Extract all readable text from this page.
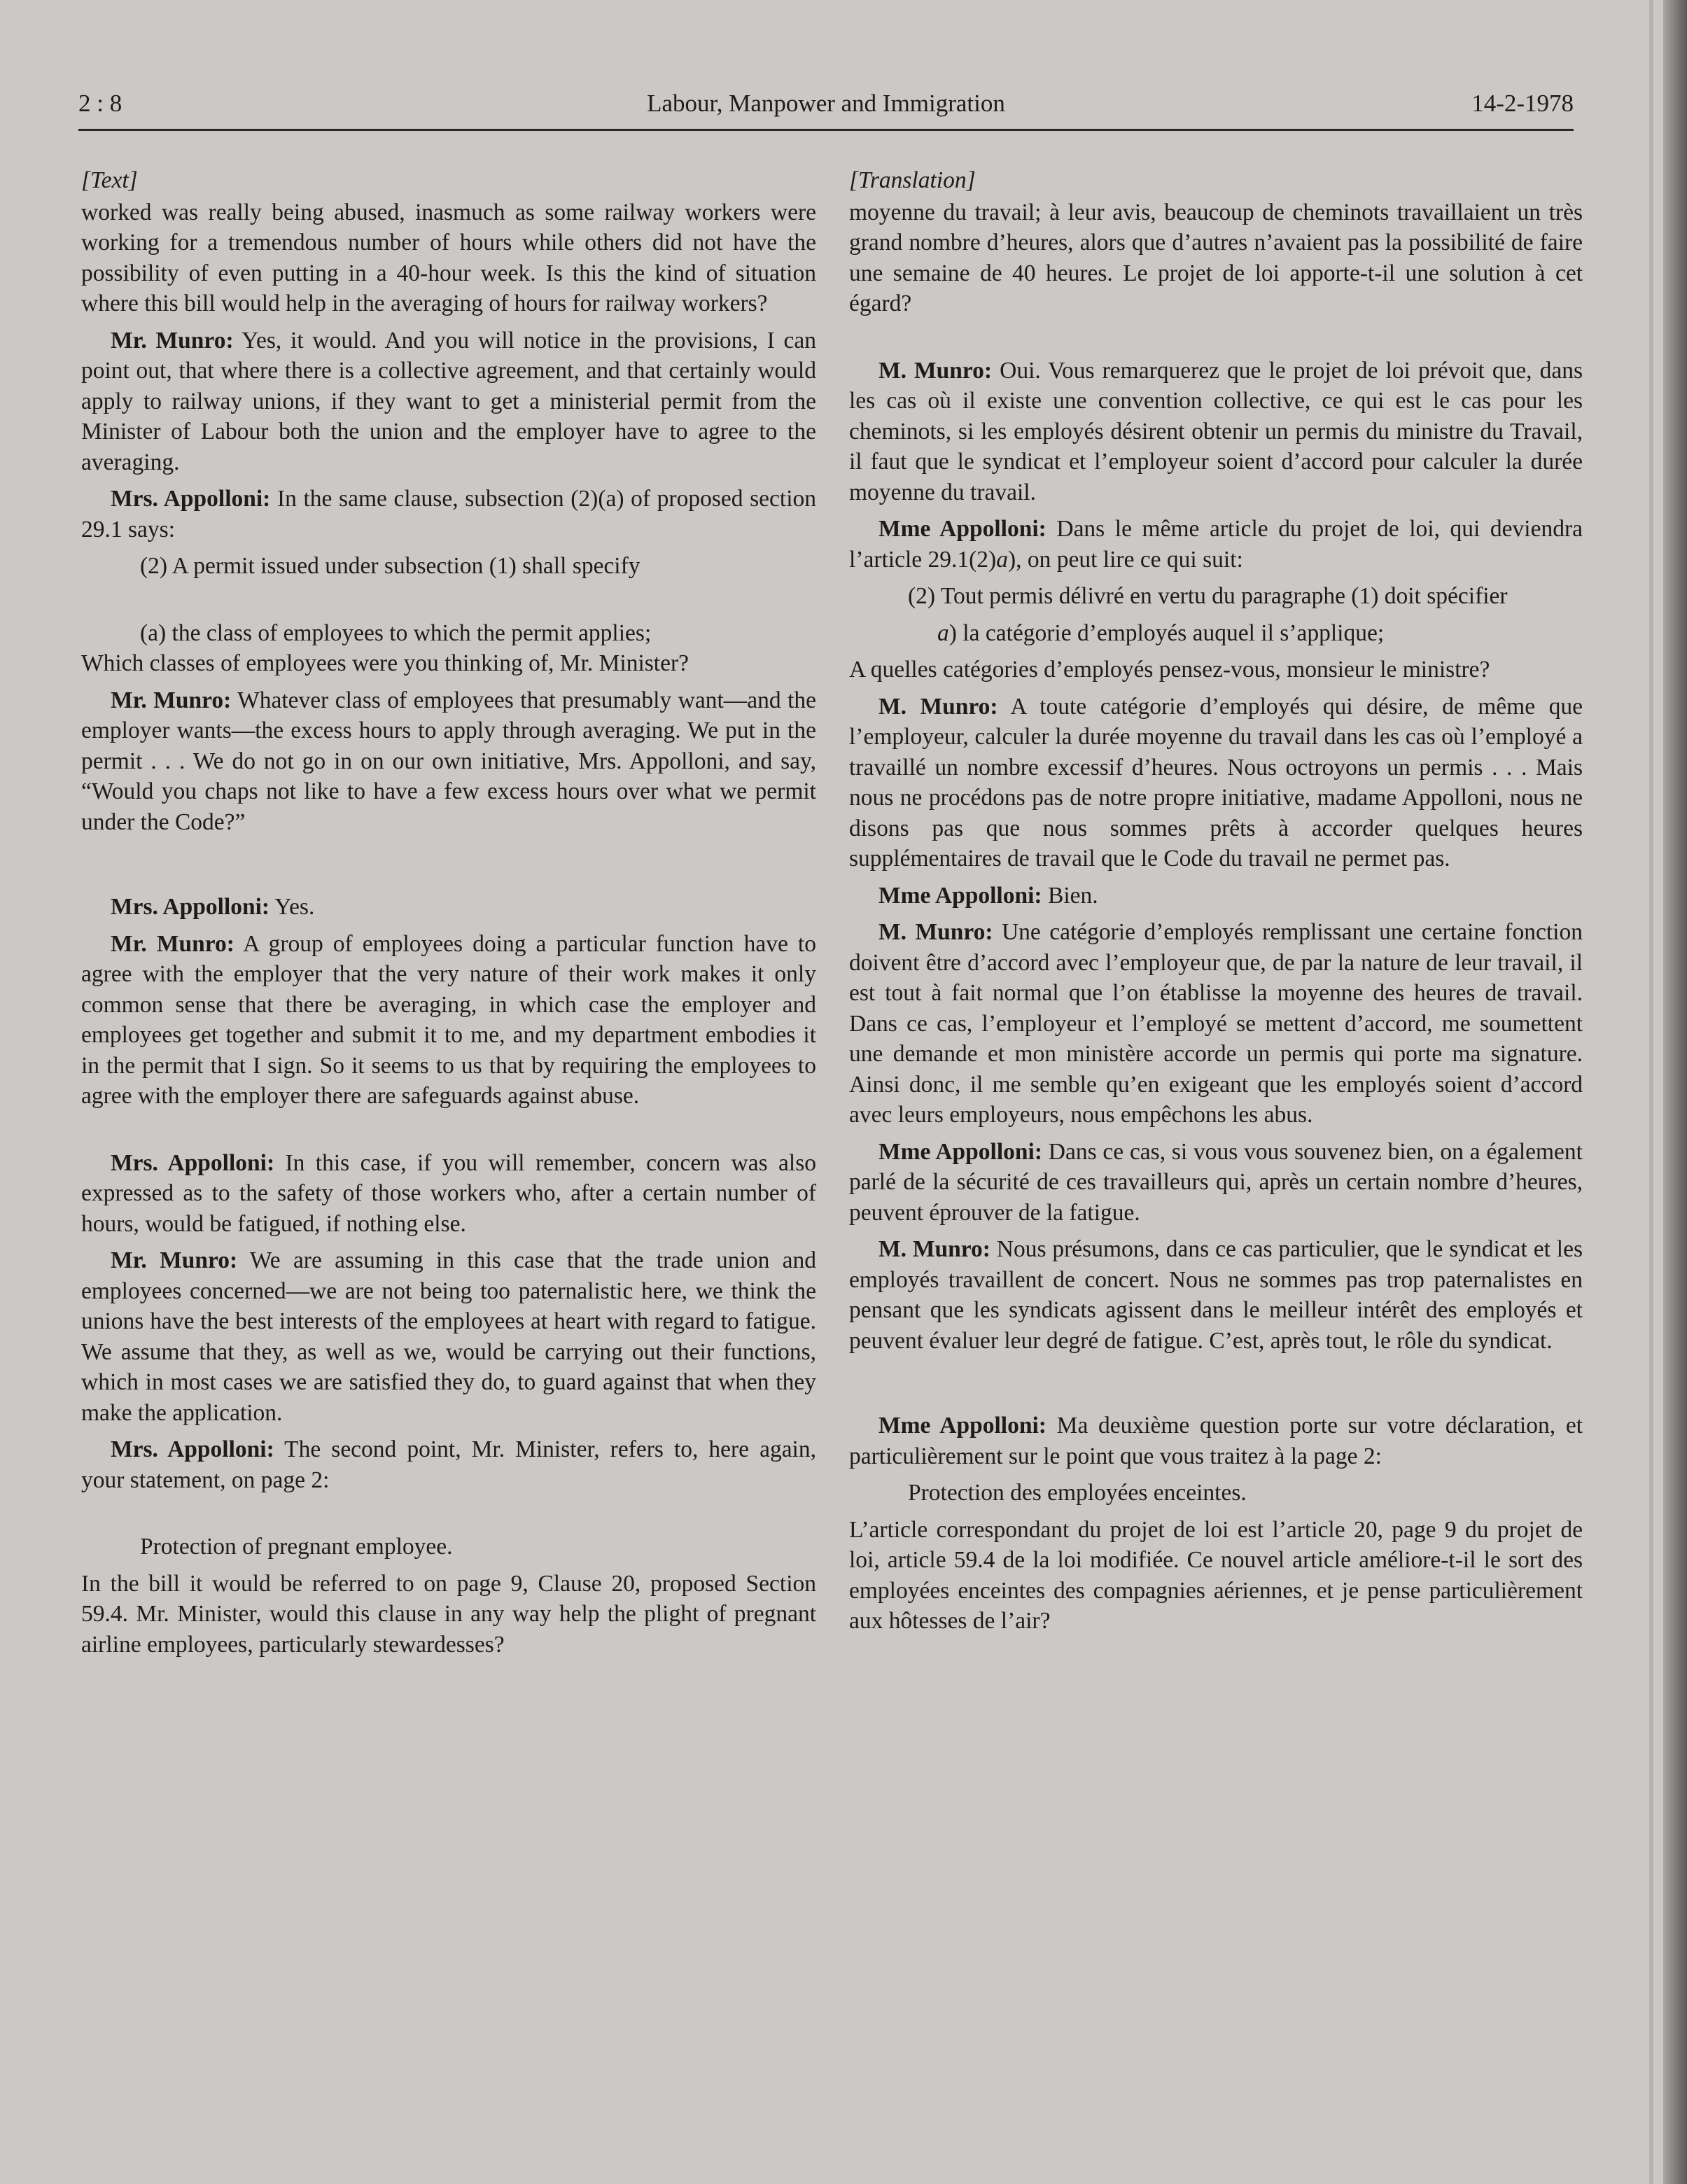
2 : 8	Labour, Manpower and Immigration	14-2-1978
[Text]

worked was really being abused, inasmuch as some railway workers were working for a tremendous number of hours while others did not have the possibility of even putting in a 40-hour week. Is this the kind of situation where this bill would help in the averaging of hours for railway workers?

Mr. Munro: Yes, it would. And you will notice in the provisions, I can point out, that where there is a collective agreement, and that certainly would apply to railway unions, if they want to get a ministerial permit from the Minister of Labour both the union and the employer have to agree to the averaging.

Mrs. Appolloni: In the same clause, subsection (2)(a) of proposed section 29.1 says:

(2) A permit issued under subsection (1) shall specify

(a) the class of employees to which the permit applies;

Which classes of employees were you thinking of, Mr. Minister?

Mr. Munro: Whatever class of employees that presumably want—and the employer wants—the excess hours to apply through averaging. We put in the permit . . . We do not go in on our own initiative, Mrs. Appolloni, and say, “Would you chaps not like to have a few excess hours over what we permit under the Code?”

Mrs. Appolloni: Yes.

Mr. Munro: A group of employees doing a particular function have to agree with the employer that the very nature of their work makes it only common sense that there be averaging, in which case the employer and employees get together and submit it to me, and my department embodies it in the permit that I sign. So it seems to us that by requiring the employees to agree with the employer there are safeguards against abuse.

Mrs. Appolloni: In this case, if you will remember, concern was also expressed as to the safety of those workers who, after a certain number of hours, would be fatigued, if nothing else.

Mr. Munro: We are assuming in this case that the trade union and employees concerned—we are not being too paternalistic here, we think the unions have the best interests of the employees at heart with regard to fatigue. We assume that they, as well as we, would be carrying out their functions, which in most cases we are satisfied they do, to guard against that when they make the application.

Mrs. Appolloni: The second point, Mr. Minister, refers to, here again, your statement, on page 2:

Protection of pregnant employee.

In the bill it would be referred to on page 9, Clause 20, proposed Section 59.4. Mr. Minister, would this clause in any way help the plight of pregnant airline employees, particularly stewardesses?

[Translation]

moyenne du travail; à leur avis, beaucoup de cheminots travaillaient un très grand nombre d’heures, alors que d’autres n’avaient pas la possibilité de faire une semaine de 40 heures. Le projet de loi apporte-t-il une solution à cet égard?

M. Munro: Oui. Vous remarquerez que le projet de loi prévoit que, dans les cas où il existe une convention collective, ce qui est le cas pour les cheminots, si les employés désirent obtenir un permis du ministre du Travail, il faut que le syndicat et l’employeur soient d’accord pour calculer la durée moyenne du travail.

Mme Appolloni: Dans le même article du projet de loi, qui deviendra l’article 29.1(2)a), on peut lire ce qui suit:

(2) Tout permis délivré en vertu du paragraphe (1) doit spécifier

a) la catégorie d’employés auquel il s’applique;

A quelles catégories d’employés pensez-vous, monsieur le ministre?

M. Munro: A toute catégorie d’employés qui désire, de même que l’employeur, calculer la durée moyenne du travail dans les cas où l’employé a travaillé un nombre excessif d’heures. Nous octroyons un permis . . . Mais nous ne procédons pas de notre propre initiative, madame Appolloni, nous ne disons pas que nous sommes prêts à accorder quelques heures supplémentaires de travail que le Code du travail ne permet pas.

Mme Appolloni: Bien.

M. Munro: Une catégorie d’employés remplissant une certaine fonction doivent être d’accord avec l’employeur que, de par la nature de leur travail, il est tout à fait normal que l’on établisse la moyenne des heures de travail. Dans ce cas, l’employeur et l’employé se mettent d’accord, me soumettent une demande et mon ministère accorde un permis qui porte ma signature. Ainsi donc, il me semble qu’en exigeant que les employés soient d’accord avec leurs employeurs, nous empêchons les abus.

Mme Appolloni: Dans ce cas, si vous vous souvenez bien, on a également parlé de la sécurité de ces travailleurs qui, après un certain nombre d’heures, peuvent éprouver de la fatigue.

M. Munro: Nous présumons, dans ce cas particulier, que le syndicat et les employés travaillent de concert. Nous ne sommes pas trop paternalistes en pensant que les syndicats agissent dans le meilleur intérêt des employés et peuvent évaluer leur degré de fatigue. C’est, après tout, le rôle du syndicat.

Mme Appolloni: Ma deuxième question porte sur votre déclaration, et particulièrement sur le point que vous traitez à la page 2:

Protection des employées enceintes.

L’article correspondant du projet de loi est l’article 20, page 9 du projet de loi, article 59.4 de la loi modifiée. Ce nouvel article améliore-t-il le sort des employées enceintes des compagnies aériennes, et je pense particulièrement aux hôtesses de l’air?
